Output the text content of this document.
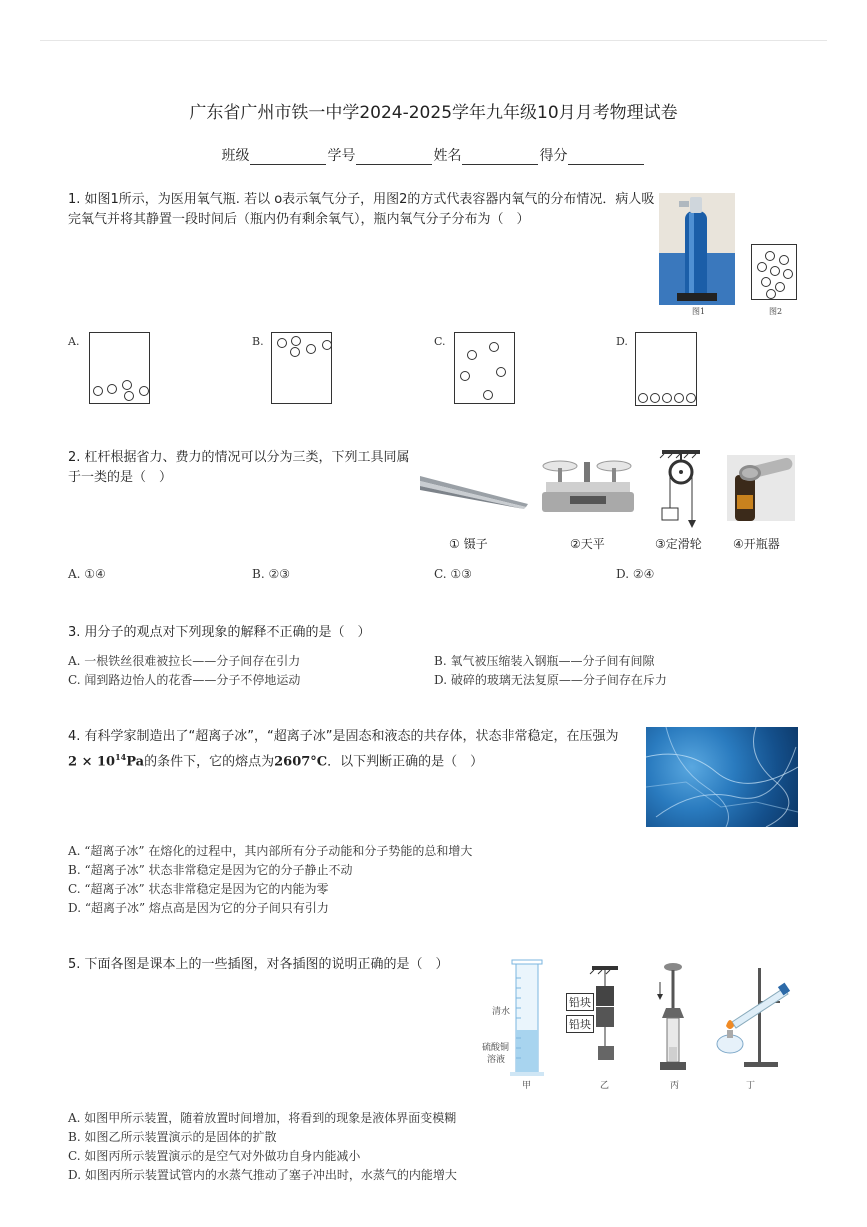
广东省广州市铁一中学2024-2025学年九年级10月月考物理试卷
班级	学号	姓名	得分
1. 如图1所示，为医用氧气瓶. 若以 o表示氧气分子，用图2的方式代表容器内氧气的分布情况．病人吸
完氧气并将其静置一段时间后（瓶内仍有剩余氧气），瓶内氧气分子分布为（　）
图1	图2
A.	B.	C.	D.
2. 杠杆根据省力、费力的情况可以分为三类，下列工具同属
于一类的是（　）
① 镊子	②天平	③定滑轮	④开瓶器
A. ①④	B. ②③	C. ①③	D. ②④
3. 用分子的观点对下列现象的解释不正确的是（　）
A. 一根铁丝很难被拉长——分子间存在引力	B. 氧气被压缩装入钢瓶——分子间有间隙
C. 闻到路边怡人的花香——分子不停地运动	D. 破碎的玻璃无法复原——分子间存在斥力
4. 有科学家制造出了“超离子冰”，“超离子冰”是固态和液态的共存体，状态非常稳定，在压强为
$2 \times 10^{14}Pa$的条件下，它的熔点为2607°C．以下判断正确的是（　）
A. “超离子冰” 在熔化的过程中，其内部所有分子动能和分子势能的总和增大
B. “超离子冰” 状态非常稳定是因为它的分子静止不动
C. “超离子冰” 状态非常稳定是因为它的内能为零
D. “超离子冰” 熔点高是因为它的分子间只有引力
5. 下面各图是课本上的一些插图，对各插图的说明正确的是（　）
清水
硫酸铜
溶液
甲
铅块
铅块
乙	丙	丁
A. 如图甲所示装置，随着放置时间增加，将看到的现象是液体界面变模糊
B. 如图乙所示装置演示的是固体的扩散
C. 如图丙所示装置演示的是空气对外做功自身内能减小
D. 如图丙所示装置试管内的水蒸气推动了塞子冲出时，水蒸气的内能增大
